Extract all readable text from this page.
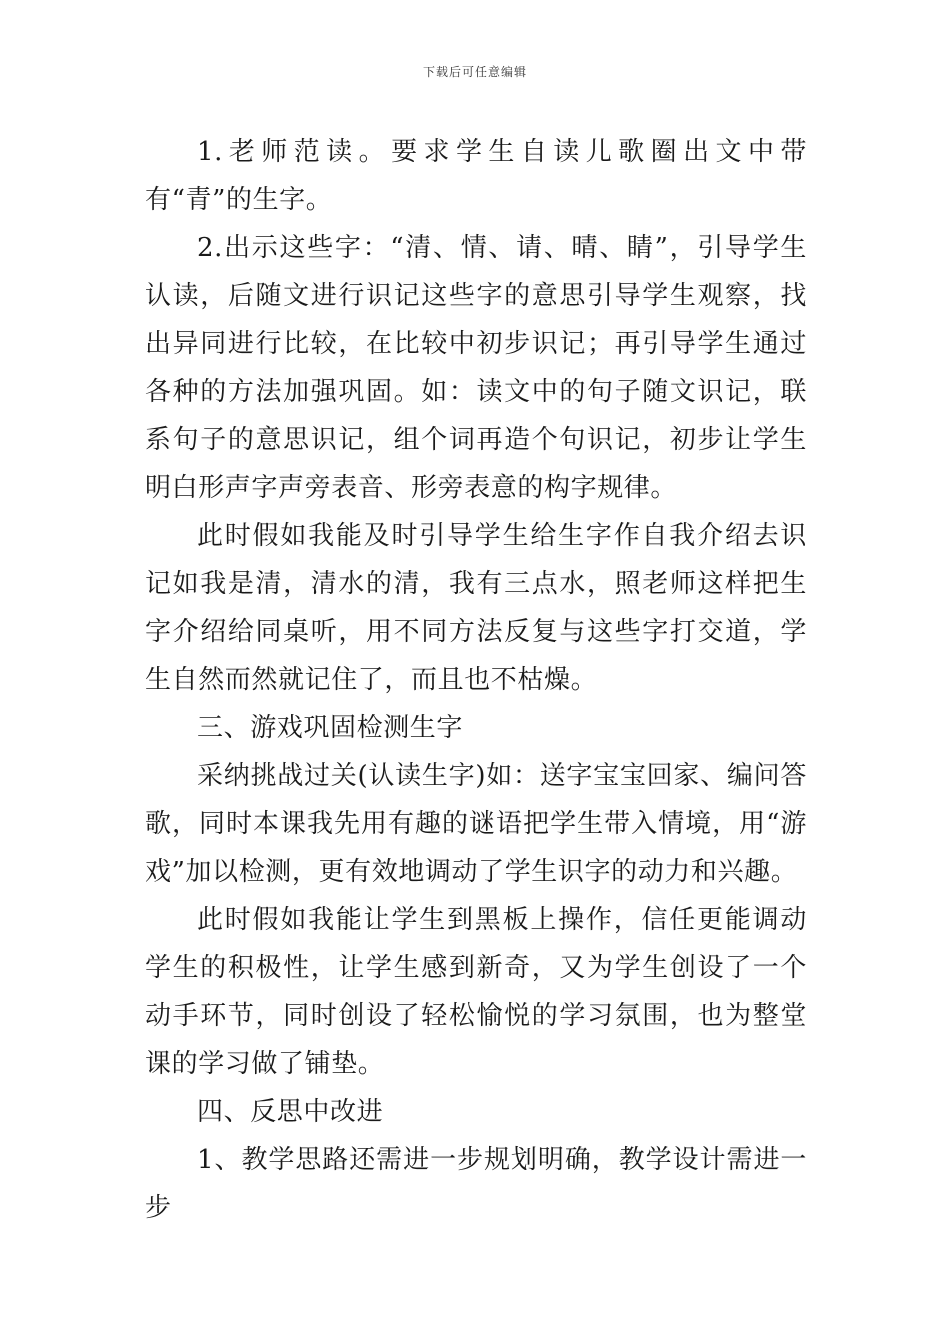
下载后可任意编辑

1.老师范读。要求学生自读儿歌圈出文中带有“青”的生字。

2.出示这些字：“清、情、请、晴、睛”，引导学生认读，后随文进行识记这些字的意思引导学生观察，找出异同进行比较，在比较中初步识记；再引导学生通过各种的方法加强巩固。如：读文中的句子随文识记，联系句子的意思识记，组个词再造个句识记，初步让学生明白形声字声旁表音、形旁表意的构字规律。

此时假如我能及时引导学生给生字作自我介绍去识记如我是清，清水的清，我有三点水，照老师这样把生字介绍给同桌听，用不同方法反复与这些字打交道，学生自然而然就记住了，而且也不枯燥。

三、游戏巩固检测生字

采纳挑战过关(认读生字)如：送字宝宝回家、编问答歌，同时本课我先用有趣的谜语把学生带入情境，用“游戏”加以检测，更有效地调动了学生识字的动力和兴趣。

此时假如我能让学生到黑板上操作，信任更能调动学生的积极性，让学生感到新奇，又为学生创设了一个动手环节，同时创设了轻松愉悦的学习氛围，也为整堂课的学习做了铺垫。

四、反思中改进

1、教学思路还需进一步规划明确，教学设计需进一步
